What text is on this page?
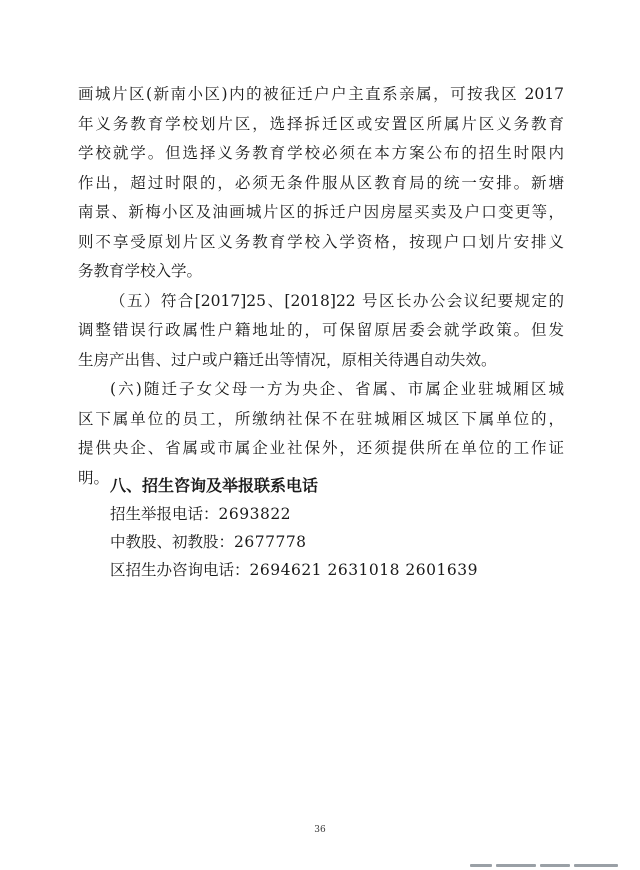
画城片区(新南小区)内的被征迁户户主直系亲属，可按我区 2017
年义务教育学校划片区，选择拆迁区或安置区所属片区义务教育
学校就学。但选择义务教育学校必须在本方案公布的招生时限内
作出，超过时限的，必须无条件服从区教育局的统一安排。新塘
南景、新梅小区及油画城片区的拆迁户因房屋买卖及户口变更等，
则不享受原划片区义务教育学校入学资格，按现户口划片安排义
务教育学校入学。
（五）符合[2017]25、[2018]22 号区长办公会议纪要规定的
调整错误行政属性户籍地址的，可保留原居委会就学政策。但发
生房产出售、过户或户籍迁出等情况，原相关待遇自动失效。
(六)随迁子女父母一方为央企、省属、市属企业驻城厢区城
区下属单位的员工，所缴纳社保不在驻城厢区城区下属单位的，
提供央企、省属或市属企业社保外，还须提供所在单位的工作证
明。 八、招生咨询及举报联系电话
招生举报电话：2693822
中教股、初教股：2677778
区招生办咨询电话：2694621 2631018 2601639
36
